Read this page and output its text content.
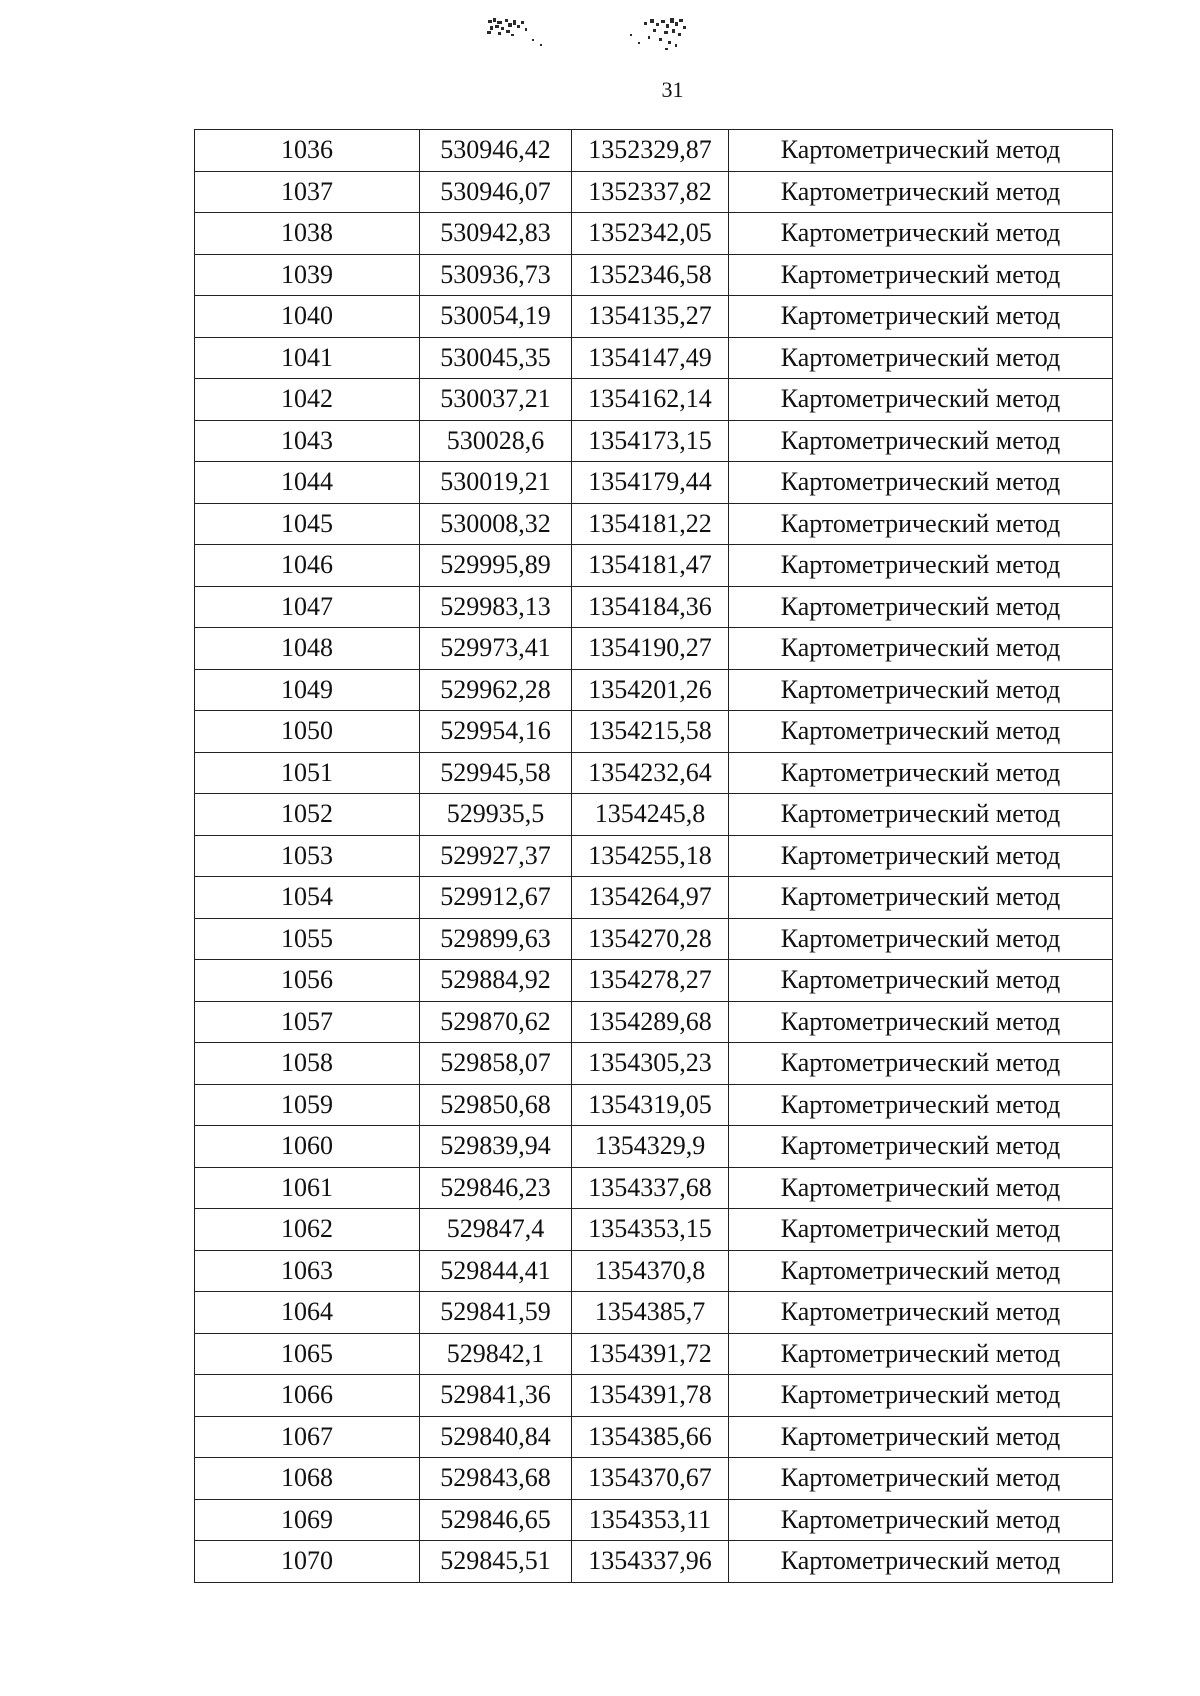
31
1036	530946,42	1352329,87	Картометрический метод
1037	530946,07	1352337,82	Картометрический метод
1038	530942,83	1352342,05	Картометрический метод
1039	530936,73	1352346,58	Картометрический метод
1040	530054,19	1354135,27	Картометрический метод
1041	530045,35	1354147,49	Картометрический метод
1042	530037,21	1354162,14	Картометрический метод
1043	530028,6	1354173,15	Картометрический метод
1044	530019,21	1354179,44	Картометрический метод
1045	530008,32	1354181,22	Картометрический метод
1046	529995,89	1354181,47	Картометрический метод
1047	529983,13	1354184,36	Картометрический метод
1048	529973,41	1354190,27	Картометрический метод
1049	529962,28	1354201,26	Картометрический метод
1050	529954,16	1354215,58	Картометрический метод
1051	529945,58	1354232,64	Картометрический метод
1052	529935,5	1354245,8	Картометрический метод
1053	529927,37	1354255,18	Картометрический метод
1054	529912,67	1354264,97	Картометрический метод
1055	529899,63	1354270,28	Картометрический метод
1056	529884,92	1354278,27	Картометрический метод
1057	529870,62	1354289,68	Картометрический метод
1058	529858,07	1354305,23	Картометрический метод
1059	529850,68	1354319,05	Картометрический метод
1060	529839,94	1354329,9	Картометрический метод
1061	529846,23	1354337,68	Картометрический метод
1062	529847,4	1354353,15	Картометрический метод
1063	529844,41	1354370,8	Картометрический метод
1064	529841,59	1354385,7	Картометрический метод
1065	529842,1	1354391,72	Картометрический метод
1066	529841,36	1354391,78	Картометрический метод
1067	529840,84	1354385,66	Картометрический метод
1068	529843,68	1354370,67	Картометрический метод
1069	529846,65	1354353,11	Картометрический метод
1070	529845,51	1354337,96	Картометрический метод
